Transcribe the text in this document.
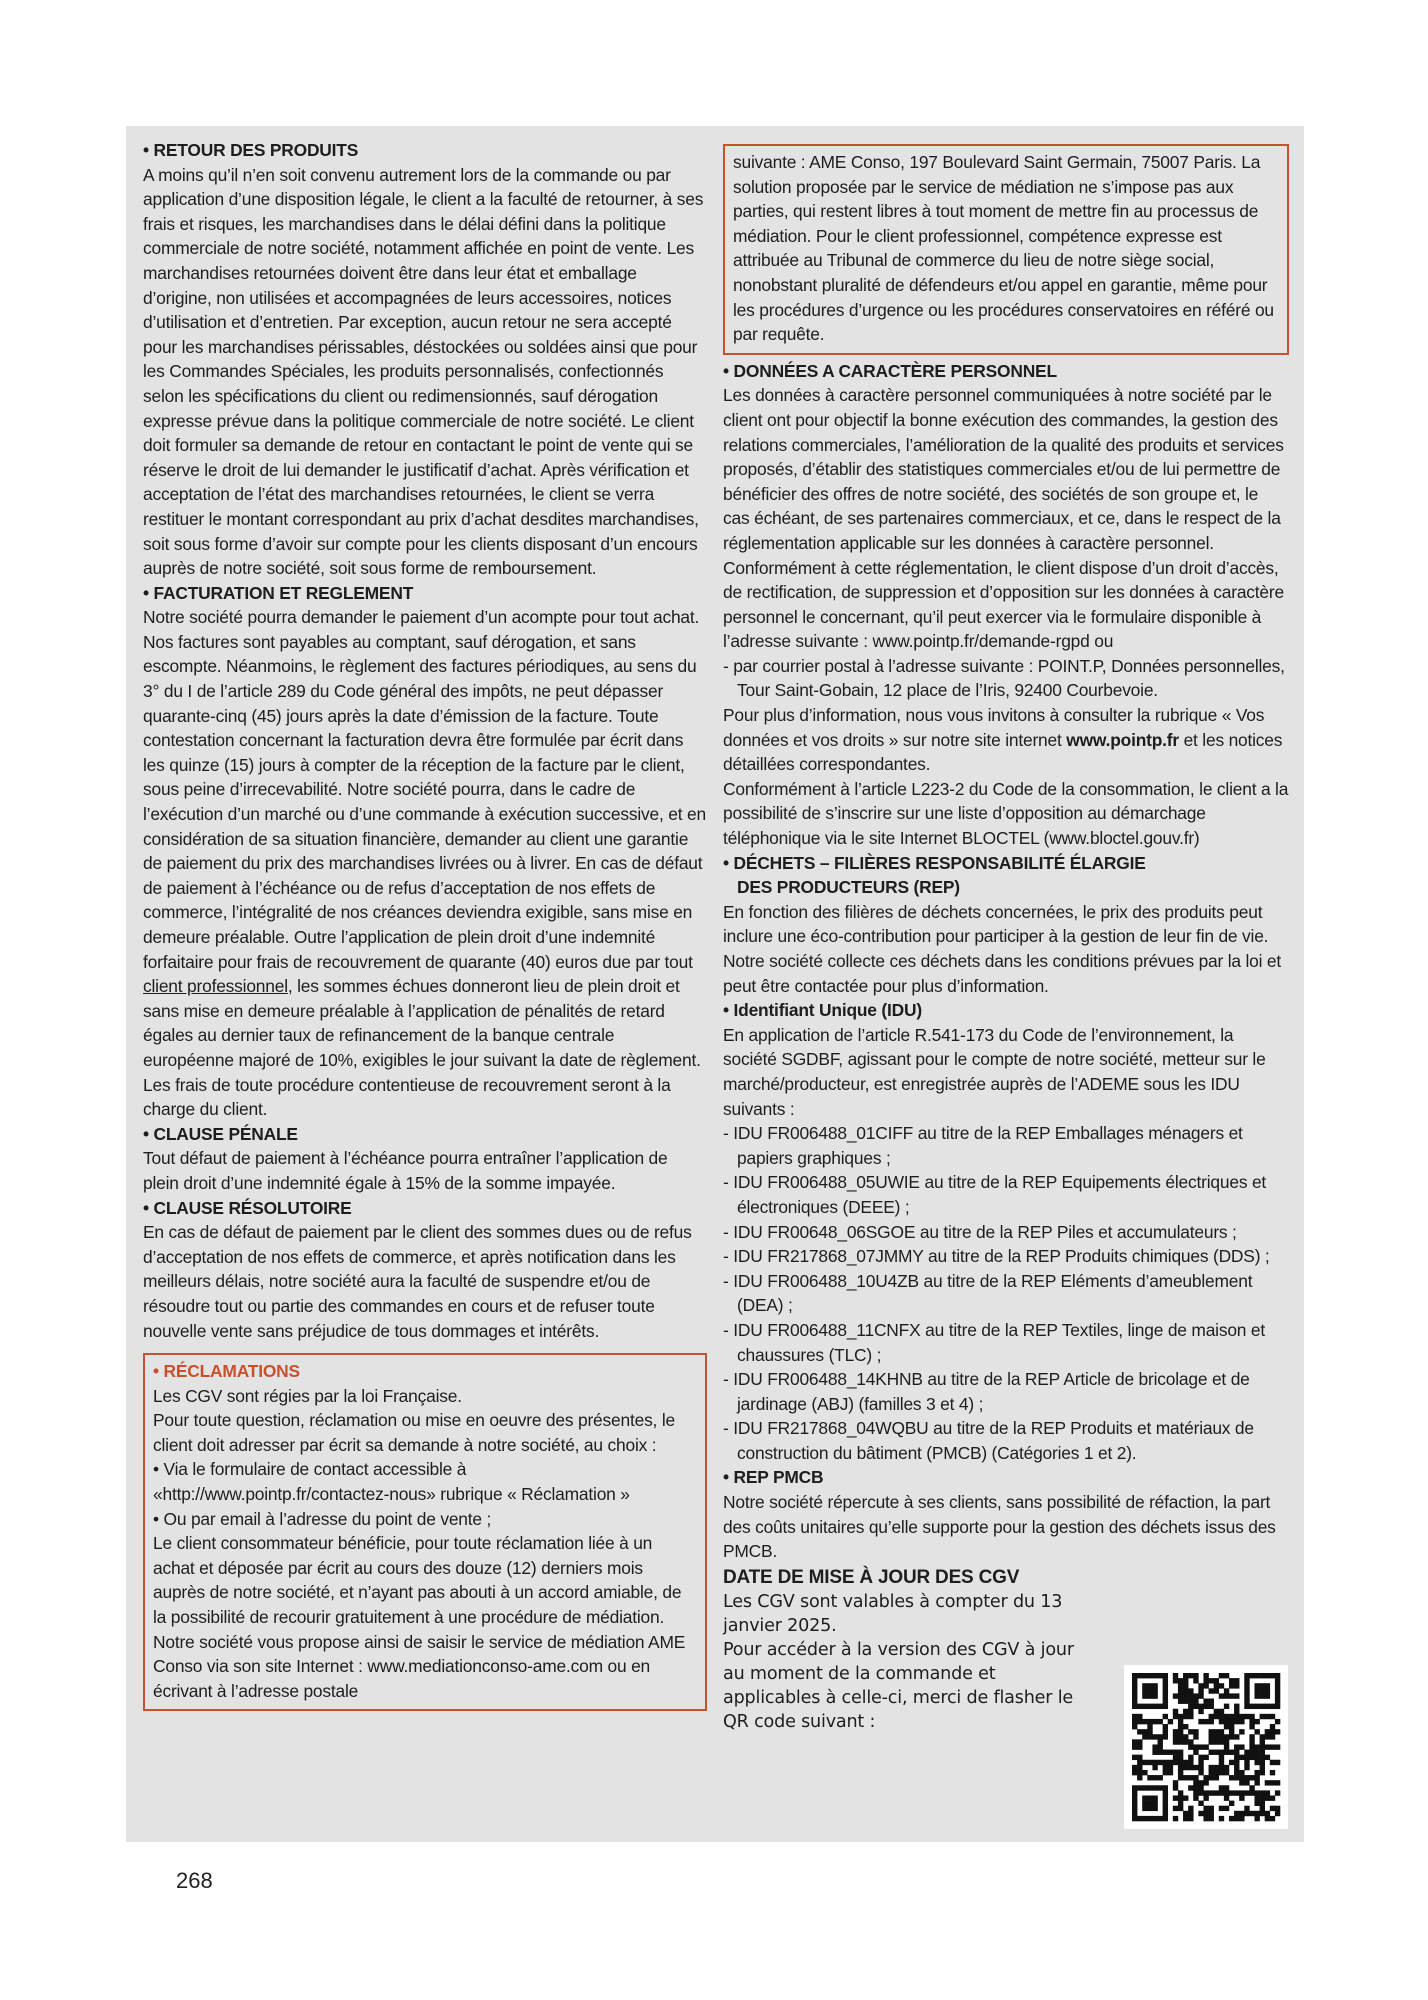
• RETOUR DES PRODUITS

A moins qu’il n’en soit convenu autrement lors de la commande ou par application d’une disposition légale, le client a la faculté de retourner, à ses frais et risques, les marchandises dans le délai défini dans la politique commerciale de notre société, notamment affichée en point de vente. Les marchandises retournées doivent être dans leur état et emballage d’origine, non utilisées et accompagnées de leurs accessoires, notices d’utilisation et d’entretien. Par exception, aucun retour ne sera accepté pour les marchandises périssables, déstockées ou soldées ainsi que pour les Commandes Spéciales, les produits personnalisés, confectionnés selon les spécifications du client ou redimensionnés, sauf dérogation expresse prévue dans la politique commerciale de notre société. Le client doit formuler sa demande de retour en contactant le point de vente qui se réserve le droit de lui demander le justificatif d’achat. Après vérification et acceptation de l’état des marchandises retournées, le client se verra restituer le montant correspondant au prix d’achat desdites marchandises, soit sous forme d’avoir sur compte pour les clients disposant d’un encours auprès de notre société, soit sous forme de remboursement.

• FACTURATION ET REGLEMENT

Notre société pourra demander le paiement d’un acompte pour tout achat. Nos factures sont payables au comptant, sauf dérogation, et sans escompte. Néanmoins, le règlement des factures périodiques, au sens du 3° du I de l’article 289 du Code général des impôts, ne peut dépasser quarante-cinq (45) jours après la date d’émission de la facture. Toute contestation concernant la facturation devra être formulée par écrit dans les quinze (15) jours à compter de la réception de la facture par le client, sous peine d’irrecevabilité. Notre société pourra, dans le cadre de l’exécution d’un marché ou d’une commande à exécution successive, et en considération de sa situation financière, demander au client une garantie de paiement du prix des marchandises livrées ou à livrer. En cas de défaut de paiement à l’échéance ou de refus d’acceptation de nos effets de commerce, l’intégralité de nos créances deviendra exigible, sans mise en demeure préalable. Outre l’application de plein droit d’une indemnité forfaitaire pour frais de recouvrement de quarante (40) euros due par tout client professionnel, les sommes échues donneront lieu de plein droit et sans mise en demeure préalable à l’application de pénalités de retard égales au dernier taux de refinancement de la banque centrale européenne majoré de 10%, exigibles le jour suivant la date de règlement. Les frais de toute procédure contentieuse de recouvrement seront à la charge du client.

• CLAUSE PÉNALE

Tout défaut de paiement à l’échéance pourra entraîner l’application de plein droit d’une indemnité égale à 15% de la somme impayée.

• CLAUSE RÉSOLUTOIRE

En cas de défaut de paiement par le client des sommes dues ou de refus d’acceptation de nos effets de commerce, et après notification dans les meilleurs délais, notre société aura la faculté de suspendre et/ou de résoudre tout ou partie des commandes en cours et de refuser toute nouvelle vente sans préjudice de tous dommages et intérêts.

• RÉCLAMATIONS

Les CGV sont régies par la loi Française.

Pour toute question, réclamation ou mise en oeuvre des présentes, le client doit adresser par écrit sa demande à notre société, au choix :

• Via le formulaire de contact accessible à «http://www.pointp.fr/contactez-nous» rubrique « Réclamation »

• Ou par email à l’adresse du point de vente ;

Le client consommateur bénéficie, pour toute réclamation liée à un achat et déposée par écrit au cours des douze (12) derniers mois auprès de notre société, et n’ayant pas abouti à un accord amiable, de la possibilité de recourir gratuitement à une procédure de médiation. Notre société vous propose ainsi de saisir le service de médiation AME Conso via son site Internet : www.mediationconso-ame.com ou en écrivant à l’adresse postale

suivante : AME Conso, 197 Boulevard Saint Germain, 75007 Paris. La solution proposée par le service de médiation ne s’impose pas aux parties, qui restent libres à tout moment de mettre fin au processus de médiation. Pour le client professionnel, compétence expresse est attribuée au Tribunal de commerce du lieu de notre siège social, nonobstant pluralité de défendeurs et/ou appel en garantie, même pour les procédures d’urgence ou les procédures conservatoires en référé ou par requête.

• DONNÉES A CARACTÈRE PERSONNEL

Les données à caractère personnel communiquées à notre société par le client ont pour objectif la bonne exécution des commandes, la gestion des relations commerciales, l’amélioration de la qualité des produits et services proposés, d’établir des statistiques commerciales et/ou de lui permettre de bénéficier des offres de notre société, des sociétés de son groupe et, le cas échéant, de ses partenaires commerciaux, et ce, dans le respect de la réglementation applicable sur les données à caractère personnel. Conformément à cette réglementation, le client dispose d’un droit d’accès, de rectification, de suppression et d’opposition sur les données à caractère personnel le concernant, qu’il peut exercer via le formulaire disponible à l’adresse suivante : www.pointp.fr/demande-rgpd ou

- par courrier postal à l’adresse suivante : POINT.P, Données personnelles, Tour Saint-Gobain, 12 place de l’Iris, 92400 Courbevoie.

Pour plus d’information, nous vous invitons à consulter la rubrique « Vos données et vos droits » sur notre site internet www.pointp.fr et les notices détaillées correspondantes.

Conformément à l’article L223-2 du Code de la consommation, le client a la possibilité de s’inscrire sur une liste d’opposition au démarchage téléphonique via le site Internet BLOCTEL (www.bloctel.gouv.fr)

• DÉCHETS – FILIÈRES RESPONSABILITÉ ÉLARGIE

DES PRODUCTEURS (REP)

En fonction des filières de déchets concernées, le prix des produits peut inclure une éco-contribution pour participer à la gestion de leur fin de vie.

Notre société collecte ces déchets dans les conditions prévues par la loi et peut être contactée pour plus d’information.

• Identifiant Unique (IDU)

En application de l’article R.541-173 du Code de l’environnement, la société SGDBF, agissant pour le compte de notre société, metteur sur le marché/producteur, est enregistrée auprès de l’ADEME sous les IDU suivants :

- IDU FR006488_01CIFF au titre de la REP Emballages ménagers et papiers graphiques ;

- IDU FR006488_05UWIE au titre de la REP Equipements électriques et électroniques (DEEE) ;

- IDU FR00648_06SGOE au titre de la REP Piles et accumulateurs ;

- IDU FR217868_07JMMY au titre de la REP Produits chimiques (DDS) ;

- IDU FR006488_10U4ZB au titre de la REP Eléments d’ameublement (DEA) ;

- IDU FR006488_11CNFX au titre de la REP Textiles, linge de maison et chaussures (TLC) ;

- IDU FR006488_14KHNB au titre de la REP Article de bricolage et de jardinage (ABJ) (familles 3 et 4) ;

- IDU FR217868_04WQBU au titre de la REP Produits et matériaux de construction du bâtiment (PMCB) (Catégories 1 et 2).

• REP PMCB

Notre société répercute à ses clients, sans possibilité de réfaction, la part des coûts unitaires qu’elle supporte pour la gestion des déchets issus des PMCB.

DATE DE MISE À JOUR DES CGV

Les CGV sont valables à compter du 13 janvier 2025.

Pour accéder à la version des CGV à jour au moment de la commande et applicables à celle-ci, merci de flasher le QR code suivant :

268
